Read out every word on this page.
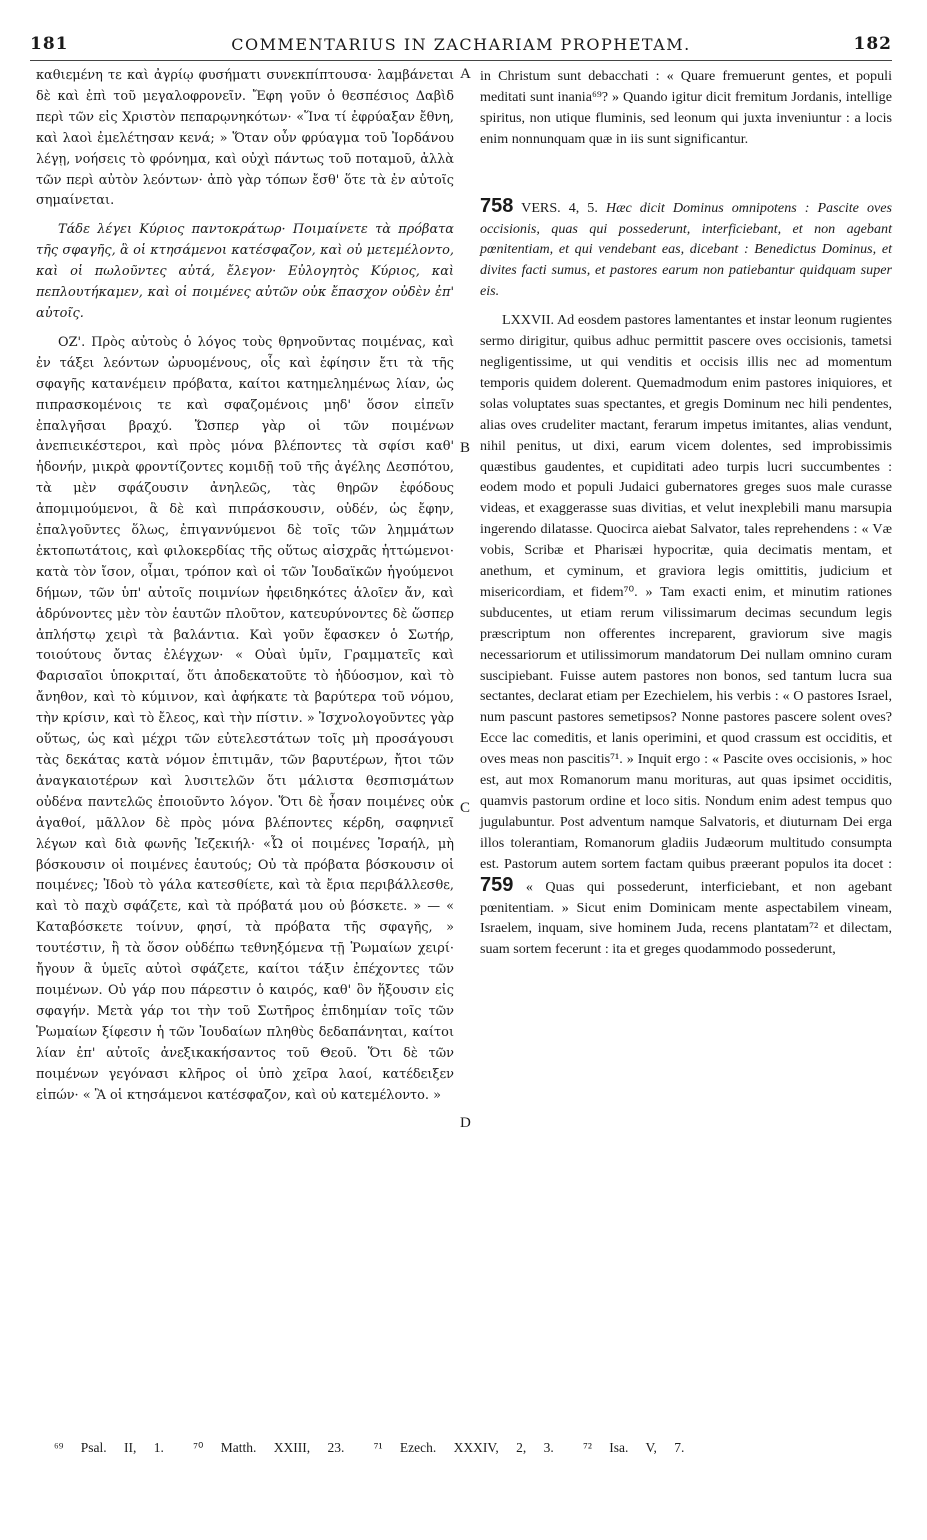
181	COMMENTARIUS IN ZACHARIAM PROPHETAM.	182

καθιεμένη τε καὶ ἀγρίῳ φυσήματι συνεκπίπτουσα· λαμβάνεται δὲ καὶ ἐπὶ τοῦ μεγαλοφρονεῖν. Ἔφη γοῦν ὁ θεσπέσιος Δαβὶδ περὶ τῶν εἰς Χριστὸν πεπαρῳνηκότων· «Ἵνα τί ἐφρύαξαν ἔθνη, καὶ λαοὶ ἐμελέτησαν κενά; » Ὅταν οὖν φρύαγμα τοῦ Ἰορδάνου λέγῃ, νοήσεις τὸ φρόνημα, καὶ οὐχὶ πάντως τοῦ ποταμοῦ, ἀλλὰ τῶν περὶ αὐτὸν λεόντων· ἀπὸ γὰρ τόπων ἔσθ' ὅτε τὰ ἐν αὐτοῖς σημαίνεται.

Τάδε λέγει Κύριος παντοκράτωρ· Ποιμαίνετε τὰ πρόβατα τῆς σφαγῆς, ἃ οἱ κτησάμενοι κατέσφαζον, καὶ οὐ μετεμέλοντο, καὶ οἱ πωλοῦντες αὐτά, ἔλεγον· Εὐλογητὸς Κύριος, καὶ πεπλουτήκαμεν, καὶ οἱ ποιμένες αὐτῶν οὐκ ἔπασχον οὐδὲν ἐπ' αὐτοῖς.

ΟΖ'. Πρὸς αὐτοὺς ὁ λόγος τοὺς θρηνοῦντας ποιμένας, καὶ ἐν τάξει λεόντων ὠρυομένους, οἷς καὶ ἐφίησιν ἔτι τὰ τῆς σφαγῆς κατανέμειν πρόβατα, καίτοι κατημελημένως λίαν, ὡς πιπρασκομένοις τε καὶ σφαζομένοις μηδ' ὅσον εἰπεῖν ἐπαλγῆσαι βραχύ. Ὥσπερ γὰρ οἱ τῶν ποιμένων ἀνεπιεικέστεροι, καὶ πρὸς μόνα βλέποντες τὰ σφίσι καθ' ἡδονήν, μικρὰ φροντίζοντες κομιδῇ τοῦ τῆς ἀγέλης Δεσπότου, τὰ μὲν σφάζουσιν ἀνηλεῶς, τὰς θηρῶν ἐφόδους ἀπομιμούμενοι, ἃ δὲ καὶ πιπράσκουσιν, οὐδέν, ὡς ἔφην, ἐπαλγοῦντες ὅλως, ἐπιγαννύμενοι δὲ τοῖς τῶν λημμάτων ἐκτοπωτάτοις, καὶ φιλοκερδίας τῆς οὕτως αἰσχρᾶς ἡττώμενοι· κατὰ τὸν ἴσον, οἶμαι, τρόπον καὶ οἱ τῶν Ἰουδαϊκῶν ἡγούμενοι δήμων, τῶν ὑπ' αὐτοῖς ποιμνίων ἠφειδηκότες ἁλοῖεν ἄν, καὶ ἁδρύνοντες μὲν τὸν ἑαυτῶν πλοῦτον, κατευρύνοντες δὲ ὥσπερ ἀπλήστῳ χειρὶ τὰ βαλάντια. Καὶ γοῦν ἔφασκεν ὁ Σωτήρ, τοιούτους ὄντας ἐλέγχων· « Οὐαὶ ὑμῖν, Γραμματεῖς καὶ Φαρισαῖοι ὑποκριταί, ὅτι ἀποδεκατοῦτε τὸ ἡδύοσμον, καὶ τὸ ἄνηθον, καὶ τὸ κύμινον, καὶ ἀφήκατε τὰ βαρύτερα τοῦ νόμου, τὴν κρίσιν, καὶ τὸ ἔλεος, καὶ τὴν πίστιν. » Ἰσχνολογοῦντες γὰρ οὕτως, ὡς καὶ μέχρι τῶν εὐτελεστάτων τοῖς μὴ προσάγουσι τὰς δεκάτας κατὰ νόμον ἐπιτιμᾶν, τῶν βαρυτέρων, ἤτοι τῶν ἀναγκαιοτέρων καὶ λυσιτελῶν ὅτι μάλιστα θεσπισμάτων οὐδένα παντελῶς ἐποιοῦντο λόγον. Ὅτι δὲ ἦσαν ποιμένες οὐκ ἀγαθοί, μᾶλλον δὲ πρὸς μόνα βλέποντες κέρδη, σαφηνιεῖ λέγων καὶ διὰ φωνῆς Ἰεζεκιήλ· «Ὦ οἱ ποιμένες Ἰσραήλ, μὴ βόσκουσιν οἱ ποιμένες ἑαυτούς; Οὐ τὰ πρόβατα βόσκουσιν οἱ ποιμένες; Ἰδοὺ τὸ γάλα κατεσθίετε, καὶ τὰ ἔρια περιβάλλεσθε, καὶ τὸ παχὺ σφάζετε, καὶ τὰ πρόβατά μου οὐ βόσκετε. » — « Καταβόσκετε τοίνυν, φησί, τὰ πρόβατα τῆς σφαγῆς, » τουτέστιν, ἢ τὰ ὅσον οὐδέπω τεθνηξόμενα τῇ Ῥωμαίων χειρί· ἤγουν ἃ ὑμεῖς αὐτοὶ σφάζετε, καίτοι τάξιν ἐπέχοντες τῶν ποιμένων. Οὐ γάρ που πάρεστιν ὁ καιρός, καθ' ὃν ἥξουσιν εἰς σφαγήν. Μετὰ γάρ τοι τὴν τοῦ Σωτῆρος ἐπιδημίαν τοῖς τῶν Ῥωμαίων ξίφεσιν ἡ τῶν Ἰουδαίων πληθὺς δεδαπάνηται, καίτοι λίαν ἐπ' αὐτοῖς ἀνεξικακήσαντος τοῦ Θεοῦ. Ὅτι δὲ τῶν ποιμένων γεγόνασι κλῆρος οἱ ὑπὸ χεῖρα λαοί, κατέδειξεν εἰπών· « Ἃ οἱ κτησάμενοι κατέσφαζον, καὶ οὐ κατεμέλοντο. »

A
B
C
D

in Christum sunt debacchati : « Quare fremuerunt gentes, et populi meditati sunt inania⁶⁹? » Quando igitur dicit fremitum Jordanis, intellige spiritus, non utique fluminis, sed leonum qui juxta inveniuntur : a locis enim nonnunquam quæ in iis sunt significantur.

758 VERS. 4, 5. Hæc dicit Dominus omnipotens : Pascite oves occisionis, quas qui possederunt, interficiebant, et non agebant pœnitentiam, et qui vendebant eas, dicebant : Benedictus Dominus, et divites facti sumus, et pastores earum non patiebantur quidquam super eis.

LXXVII. Ad eosdem pastores lamentantes et instar leonum rugientes sermo dirigitur, quibus adhuc permittit pascere oves occisionis, tametsi negligentissime, ut qui venditis et occisis illis nec ad momentum temporis quidem dolerent. Quemadmodum enim pastores iniquiores, et solas voluptates suas spectantes, et gregis Dominum nec hili pendentes, alias oves crudeliter mactant, ferarum impetus imitantes, alias vendunt, nihil penitus, ut dixi, earum vicem dolentes, sed improbissimis quæstibus gaudentes, et cupiditati adeo turpis lucri succumbentes : eodem modo et populi Judaici gubernatores greges suos male curasse videas, et exaggerasse suas divitias, et velut inexplebili manu marsupia ingerendo dilatasse. Quocirca aiebat Salvator, tales reprehendens : « Væ vobis, Scribæ et Pharisæi hypocritæ, quia decimatis mentam, et anethum, et cyminum, et graviora legis omittitis, judicium et misericordiam, et fidem⁷⁰. » Tam exacti enim, et minutim rationes subducentes, ut etiam rerum vilissimarum decimas secundum legis præscriptum non offerentes increparent, graviorum sive magis necessariorum et utilissimorum mandatorum Dei nullam omnino curam suscipiebant. Fuisse autem pastores non bonos, sed tantum lucra sua sectantes, declarat etiam per Ezechielem, his verbis : « O pastores Israel, num pascunt pastores semetipsos? Nonne pastores pascere solent oves? Ecce lac comeditis, et lanis operimini, et quod crassum est occiditis, et oves meas non pascitis⁷¹. » Inquit ergo : « Pascite oves occisionis, » hoc est, aut mox Romanorum manu morituras, aut quas ipsimet occiditis, quamvis pastorum ordine et loco sitis. Nondum enim adest tempus quo jugulabuntur. Post adventum namque Salvatoris, et diuturnam Dei erga illos tolerantiam, Romanorum gladiis Judæorum multitudo consumpta est. Pastorum autem sortem factam quibus præerant populos ita docet : 759 « Quas qui possederunt, interficiebant, et non agebant pœnitentiam. » Sicut enim Dominicam mente aspectabilem vineam, Israelem, inquam, sive hominem Juda, recens plantatam⁷² et dilectam, suam sortem fecerunt : ita et greges quodammodo possederunt,

⁶⁹ Psal. II, 1. ⁷⁰ Matth. XXIII, 23. ⁷¹ Ezech. XXXIV, 2, 3. ⁷² Isa. V, 7.
